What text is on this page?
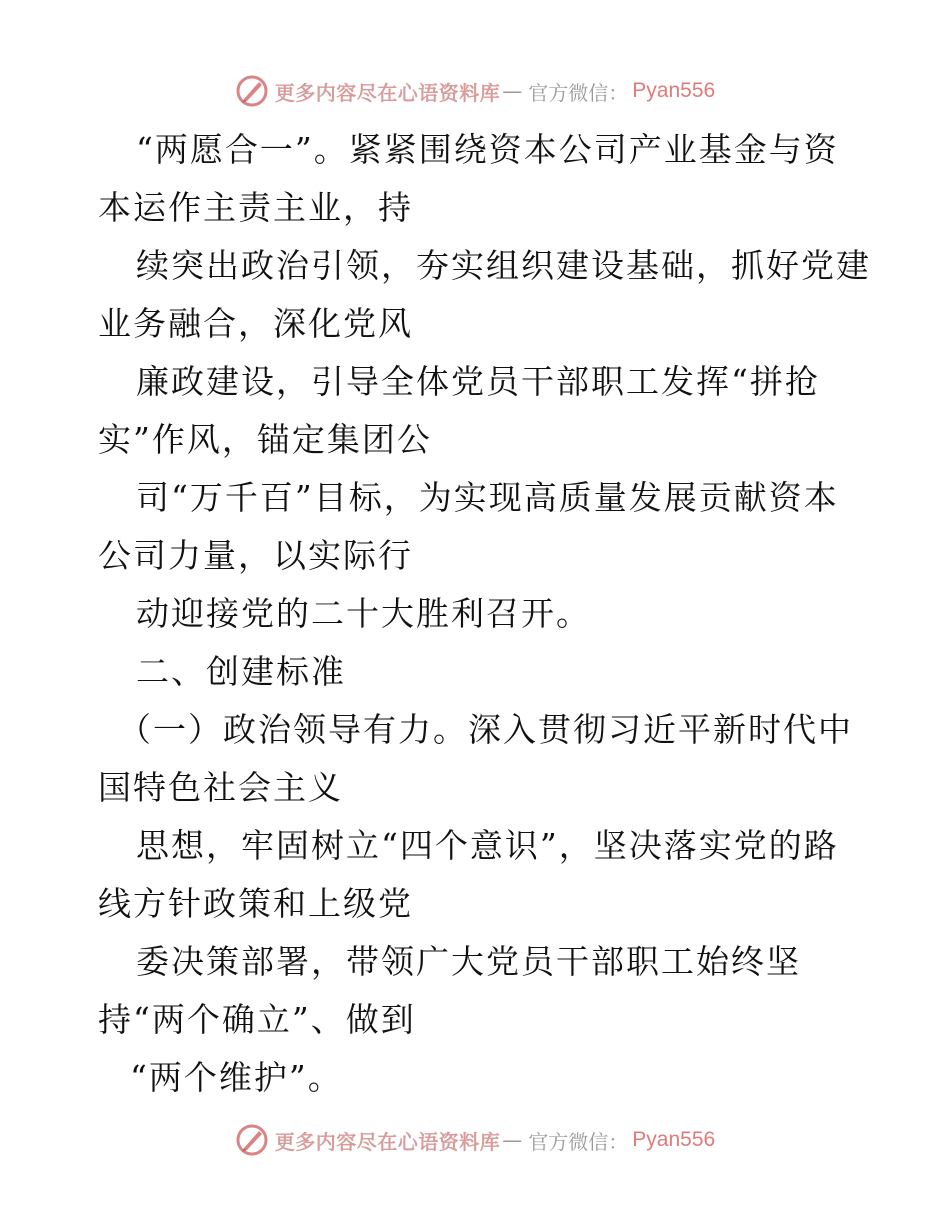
更多内容尽在心语资料库 — 官方微信： Pyan556
“两愿合一”。紧紧围绕资本公司产业基金与资
本运作主责主业，持
续突出政治引领，夯实组织建设基础，抓好党建
业务融合，深化党风
廉政建设，引导全体党员干部职工发挥“拼抢
实”作风，锚定集团公
司“万千百”目标，为实现高质量发展贡献资本
公司力量，以实际行
动迎接党的二十大胜利召开。
二、创建标准
（一）政治领导有力。深入贯彻习近平新时代中
国特色社会主义
思想，牢固树立“四个意识”，坚决落实党的路
线方针政策和上级党
委决策部署，带领广大党员干部职工始终坚
持“两个确立”、做到
“两个维护”。
更多内容尽在心语资料库 — 官方微信： Pyan556
